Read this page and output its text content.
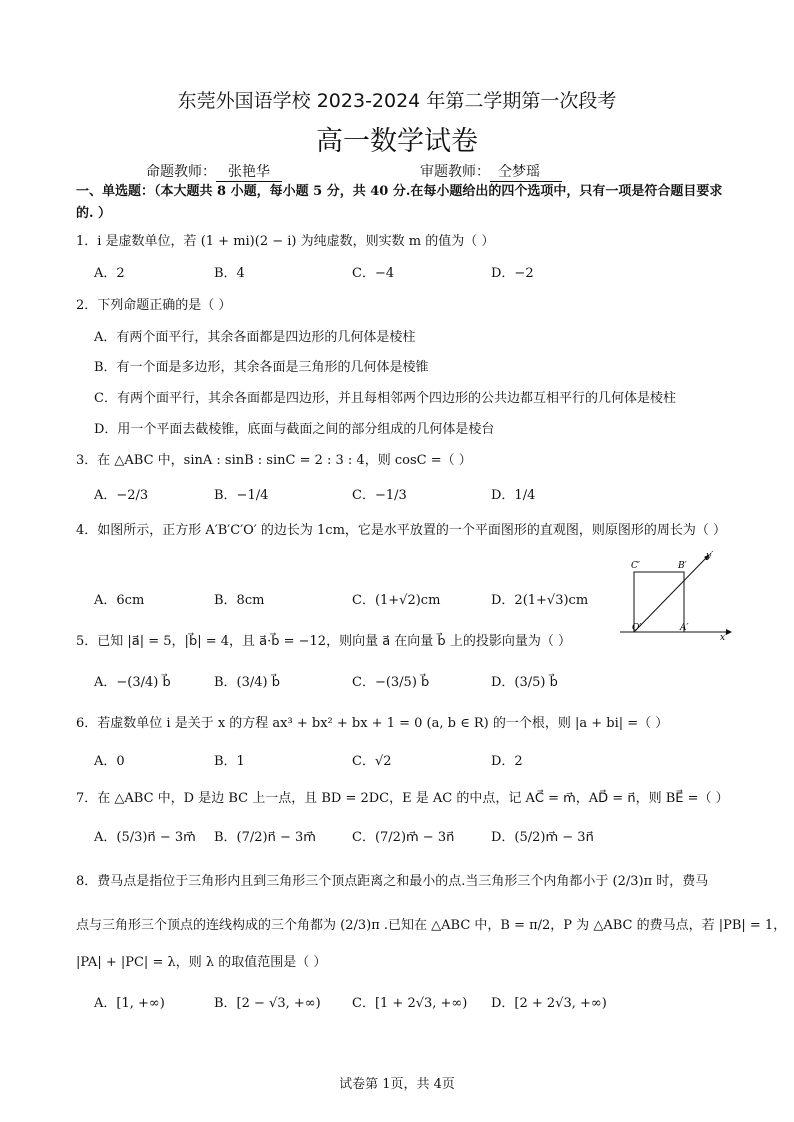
东莞外国语学校 2023-2024 年第二学期第一次段考
高一数学试卷
命题教师： 张艳华	审题教师： 仝梦瑶
一、单选题：（本大题共 8 小题，每小题 5 分，共 40 分.在每小题给出的四个选项中，只有一项是符合题目要求的. ）
1．i 是虚数单位，若 (1 + mi)(2 − i) 为纯虚数，则实数 m 的值为（ ）
A．2	B．4	C．−4	D．−2
2．下列命题正确的是（ ）
A．有两个面平行，其余各面都是四边形的几何体是棱柱
B．有一个面是多边形，其余各面是三角形的几何体是棱锥
C．有两个面平行，其余各面都是四边形，并且每相邻两个四边形的公共边都互相平行的几何体是棱柱
D．用一个平面去截棱锥，底面与截面之间的部分组成的几何体是棱台
3．在 △ABC 中，sinA : sinB : sinC = 2 : 3 : 4，则 cosC =（ ）
A．−2/3	B．−1/4	C．−1/3	D．1/4
4．如图所示，正方形 A′B′C′O′ 的边长为 1cm，它是水平放置的一个平面图形的直观图，则原图形的周长为（ ）
A．6cm	B．8cm	C．(1+√2)cm	D．2(1+√3)cm
C′	B′
y′
O′	A′
x′
5．已知 |a⃗| = 5，|b⃗| = 4，且 a⃗·b⃗ = −12，则向量 a⃗ 在向量 b⃗ 上的投影向量为（ ）
A．−(3/4) b⃗	B．(3/4) b⃗	C．−(3/5) b⃗	D．(3/5) b⃗
6．若虚数单位 i 是关于 x 的方程 ax³ + bx² + bx + 1 = 0 (a, b ∈ R) 的一个根，则 |a + bi| =（ ）
A．0	B．1	C．√2	D．2
7．在 △ABC 中，D 是边 BC 上一点，且 BD = 2DC，E 是 AC 的中点，记 AC⃗ = m⃗，AD⃗ = n⃗，则 BE⃗ =（ ）
A．(5/3)n⃗ − 3m⃗ B．(7/2)n⃗ − 3m⃗	C．(7/2)m⃗ − 3n⃗	D．(5/2)m⃗ − 3n⃗
8．费马点是指位于三角形内且到三角形三个顶点距离之和最小的点.当三角形三个内角都小于 (2/3)π 时，费马
点与三角形三个顶点的连线构成的三个角都为 (2/3)π .已知在 △ABC 中，B = π/2，P 为 △ABC 的费马点，若 |PB| = 1，
|PA| + |PC| = λ，则 λ 的取值范围是（ ）
A．[1, +∞)	B．[2 − √3, +∞) C．[1 + 2√3, +∞) D．[2 + 2√3, +∞)
试卷第 1页，共 4页
